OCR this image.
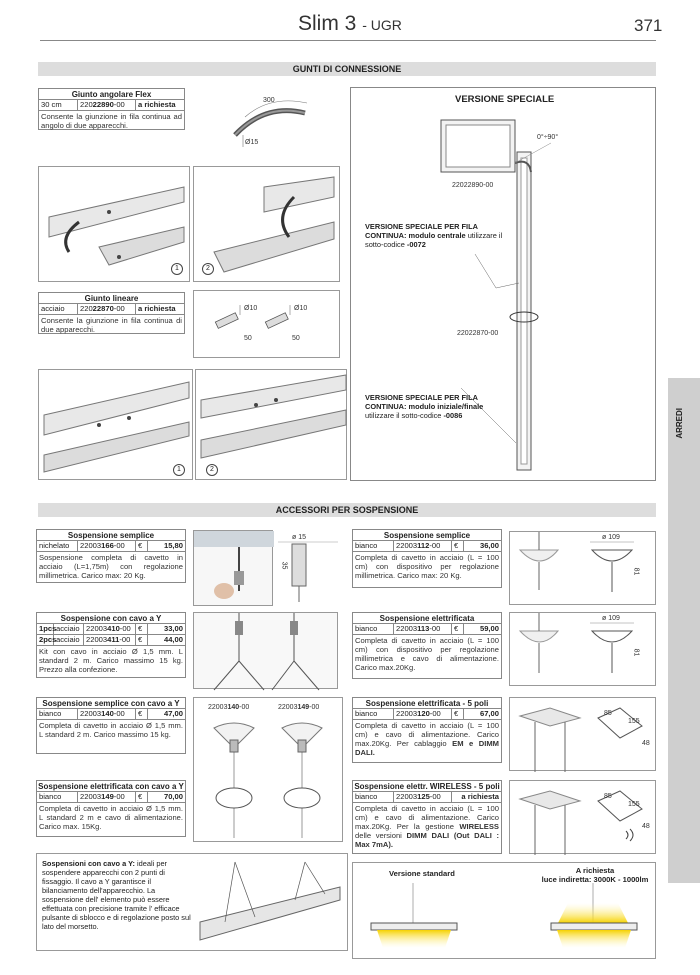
Slim 3 - UGR	371
ARREDI
GUNTI DI CONNESSIONE
Giunto angolare Flex
30 cm	22022890-00	a richiesta
Consente la giunzione in fila continua ad angolo di due apparecchi.
300
Ø15
1	2
Giunto lineare
acciaio	22022870-00	a richiesta
Consente la giunzione in fila continua di due apparecchi.
Ø10	Ø10
50	50
1	2
VERSIONE SPECIALE
0°÷90°
22022890-00
22022870-00
VERSIONE SPECIALE PER FILA CONTINUA: modulo centrale utilizzare il sotto-codice -0072
VERSIONE SPECIALE PER FILA CONTINUA: modulo iniziale/finale utilizzare il sotto-codice -0086
ACCESSORI PER SOSPENSIONE
Sospensione semplice
nichelato	22003166-00	€	15,80
Sospensione completa di cavetto in acciaio (L=1,75m) con regolazione millimetrica. Carico max: 20 Kg.
ø 15
35
Sospensione con cavo a Y
1pcs acciaio 22003410-00 €	33,00
2pcs acciaio 22003411-00	€	44,00
Kit con cavo in acciaio Ø 1,5 mm. L standard 2 m. Carico massimo 15 kg. Prezzo alla confezione.
Sospensione semplice con cavo a Y
bianco	22003140-00	€	47,00
Completa di cavetto in acciaio Ø 1,5 mm. L standard 2 m. Carico massimo 15 kg.
Sospensione elettrificata con cavo a Y
bianco	22003149-00	€	70,00
Completa di cavetto in acciaio Ø 1,5 mm. L standard 2 m e cavo di alimentazione. Carico max. 15Kg.
22003140-00	22003149-00
Sospensioni con cavo a Y: ideali per sospendere apparecchi con 2 punti di fissaggio. Il cavo a Y garantisce il bilanciamento dell'apparecchio. La sospensione dell' elemento può essere effettuata con precisione tramite l' efficace pulsante di sblocco e di regolazione posto sul lato del morsetto.
Sospensione semplice
bianco	22003112-00	€	36,00
Completa di cavetto in acciaio (L = 100 cm) con dispositivo per regolazione millimetrica. Carico max: 20 Kg.
ø 109
81
Sospensione elettrificata
bianco	22003113-00	€	59,00
Completa di cavetto in acciaio (L = 100 cm) con dispositivo per regolazione millimetrica e cavo di alimentazione. Carico max.20Kg.
ø 109
81
Sospensione elettrificata - 5 poli
bianco	22003120-00	€	67,00
Completa di cavetto in acciaio (L = 100 cm) e cavo di alimentazione. Carico max.20Kg. Per cablaggio EM e DIMM DALI.
85
155
48
Sospensione elettr. WIRELESS - 5 poli
bianco	22003125-00	a richiesta
Completa di cavetto in acciaio (L = 100 cm) e cavo di alimentazione. Carico max.20Kg. Per la gestione WIRELESS delle versioni DIMM DALI (Out DALI : Max 7mA).
85
155
48
Versione standard	A richiesta
luce indiretta: 3000K - 1000lm
